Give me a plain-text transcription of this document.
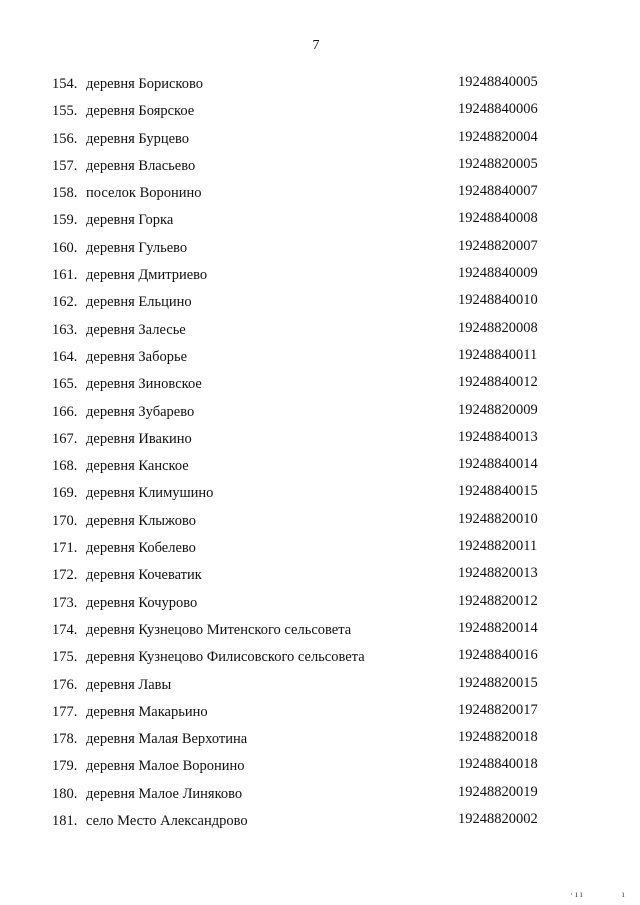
7
154. деревня Борисково	19248840005
155. деревня Боярское	19248840006
156. деревня Бурцево	19248820004
157. деревня Власьево	19248820005
158. поселок Воронино	19248840007
159. деревня Горка	19248840008
160. деревня Гульево	19248820007
161. деревня Дмитриево	19248840009
162. деревня Ельцино	19248840010
163. деревня Залесье	19248820008
164. деревня Заборье	19248840011
165. деревня Зиновское	19248840012
166. деревня Зубарево	19248820009
167. деревня Ивакино	19248840013
168. деревня Канское	19248840014
169. деревня Климушино	19248840015
170. деревня Клыжово	19248820010
171. деревня Кобелево	19248820011
172. деревня Кочеватик	19248820013
173. деревня Кочурово	19248820012
174. деревня Кузнецово Митенского сельсовета	19248820014
175. деревня Кузнецово Филисовского сельсовета	19248840016
176. деревня Лавы	19248820015
177. деревня Макарьино	19248820017
178. деревня Малая Верхотина	19248820018
179. деревня Малое Воронино	19248840018
180. деревня Малое Линяково	19248820019
181. село Место Александрово	19248820002
· ı ı	ı
